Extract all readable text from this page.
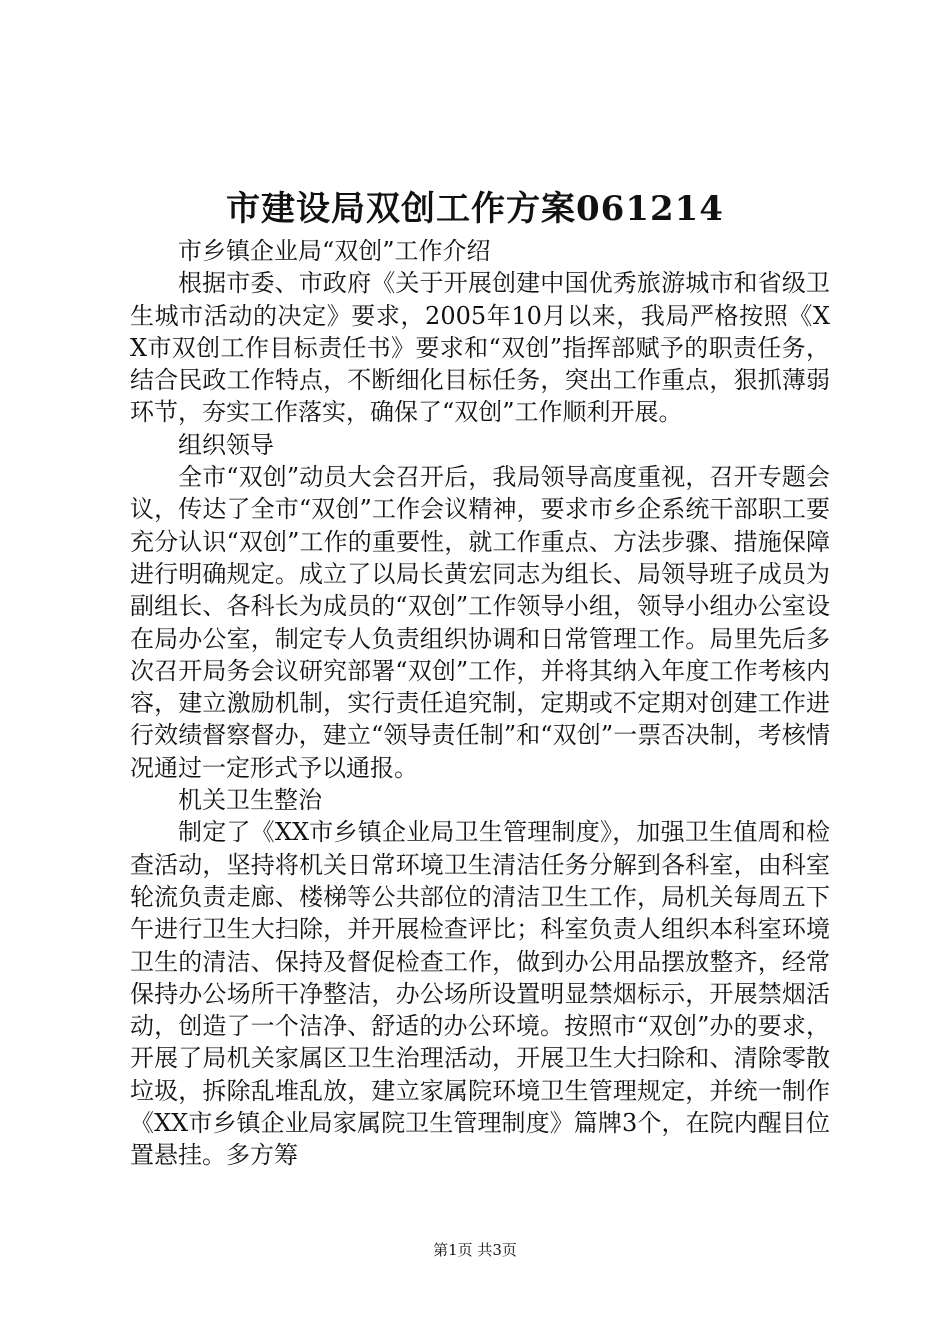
市建设局双创工作方案061214

市乡镇企业局“双创”工作介绍

根据市委、市政府《关于开展创建中国优秀旅游城市和省级卫生城市活动的决定》要求，2005年10月以来，我局严格按照《XX市双创工作目标责任书》要求和“双创”指挥部赋予的职责任务，结合民政工作特点，不断细化目标任务，突出工作重点，狠抓薄弱环节，夯实工作落实，确保了“双创”工作顺利开展。

组织领导

全市“双创”动员大会召开后，我局领导高度重视，召开专题会议，传达了全市“双创”工作会议精神，要求市乡企系统干部职工要充分认识“双创”工作的重要性，就工作重点、方法步骤、措施保障进行明确规定。成立了以局长黄宏同志为组长、局领导班子成员为副组长、各科长为成员的“双创”工作领导小组，领导小组办公室设在局办公室，制定专人负责组织协调和日常管理工作。局里先后多次召开局务会议研究部署“双创”工作，并将其纳入年度工作考核内容，建立激励机制，实行责任追究制，定期或不定期对创建工作进行效绩督察督办，建立“领导责任制”和“双创”一票否决制，考核情况通过一定形式予以通报。

机关卫生整治

制定了《XX市乡镇企业局卫生管理制度》，加强卫生值周和检查活动，坚持将机关日常环境卫生清洁任务分解到各科室，由科室轮流负责走廊、楼梯等公共部位的清洁卫生工作，局机关每周五下午进行卫生大扫除，并开展检查评比；科室负责人组织本科室环境卫生的清洁、保持及督促检查工作，做到办公用品摆放整齐，经常保持办公场所干净整洁，办公场所设置明显禁烟标示，开展禁烟活动，创造了一个洁净、舒适的办公环境。按照市“双创”办的要求，开展了局机关家属区卫生治理活动，开展卫生大扫除和、清除零散垃圾，拆除乱堆乱放，建立家属院环境卫生管理规定，并统一制作《XX市乡镇企业局家属院卫生管理制度》篇牌3个，在院内醒目位置悬挂。多方筹

第1页 共3页
